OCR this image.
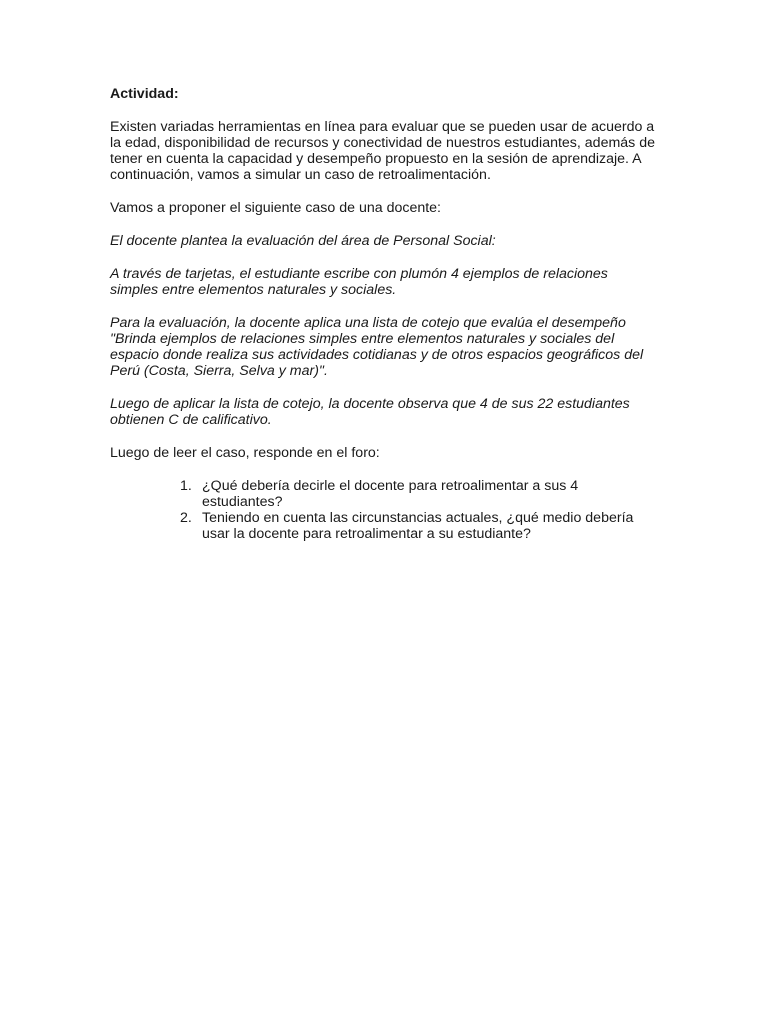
Actividad:

Existen variadas herramientas en línea para evaluar que se pueden usar de acuerdo a la edad, disponibilidad de recursos y conectividad de nuestros estudiantes, además de tener en cuenta la capacidad y desempeño propuesto en la sesión de aprendizaje. A continuación, vamos a simular un caso de retroalimentación.

Vamos a proponer el siguiente caso de una docente:

El docente plantea la evaluación del área de Personal Social:

A través de tarjetas, el estudiante escribe con plumón 4 ejemplos de relaciones simples entre elementos naturales y sociales.

Para la evaluación, la docente aplica una lista de cotejo que evalúa el desempeño "Brinda ejemplos de relaciones simples entre elementos naturales y sociales del espacio donde realiza sus actividades cotidianas y de otros espacios geográficos del Perú (Costa, Sierra, Selva y mar)".

Luego de aplicar la lista de cotejo, la docente observa que 4 de sus 22 estudiantes obtienen C de calificativo.

Luego de leer el caso, responde en el foro:

1. ¿Qué debería decirle el docente para retroalimentar a sus 4 estudiantes?
2. Teniendo en cuenta las circunstancias actuales, ¿qué medio debería usar la docente para retroalimentar a su estudiante?
